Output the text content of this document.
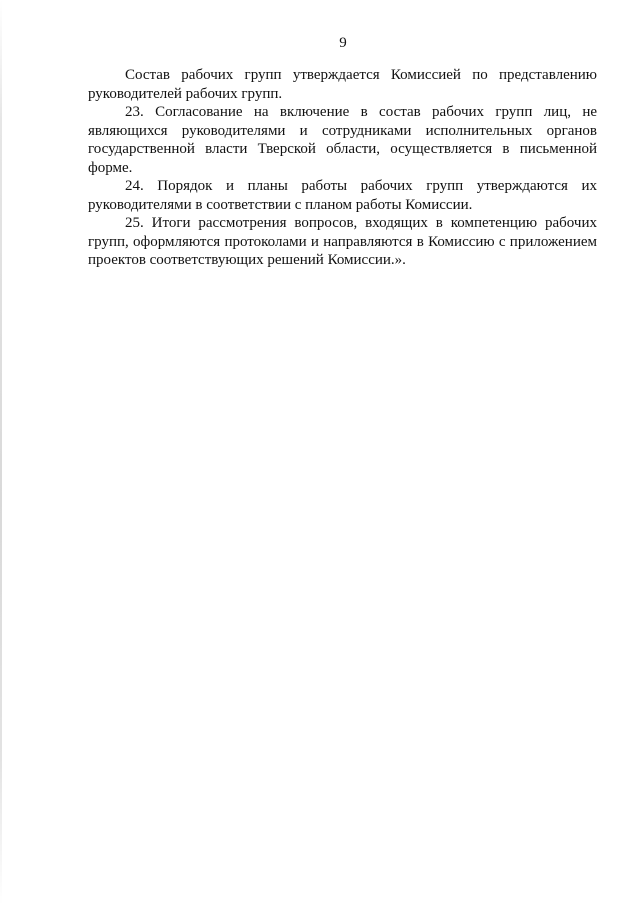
9

Состав рабочих групп утверждается Комиссией по представлению руководителей рабочих групп.

23. Согласование на включение в состав рабочих групп лиц, не являющихся руководителями и сотрудниками исполнительных органов государственной власти Тверской области, осуществляется в письменной форме.

24. Порядок и планы работы рабочих групп утверждаются их руководителями в соответствии с планом работы Комиссии.

25. Итоги рассмотрения вопросов, входящих в компетенцию рабочих групп, оформляются протоколами и направляются в Комиссию с приложением проектов соответствующих решений Комиссии.».
